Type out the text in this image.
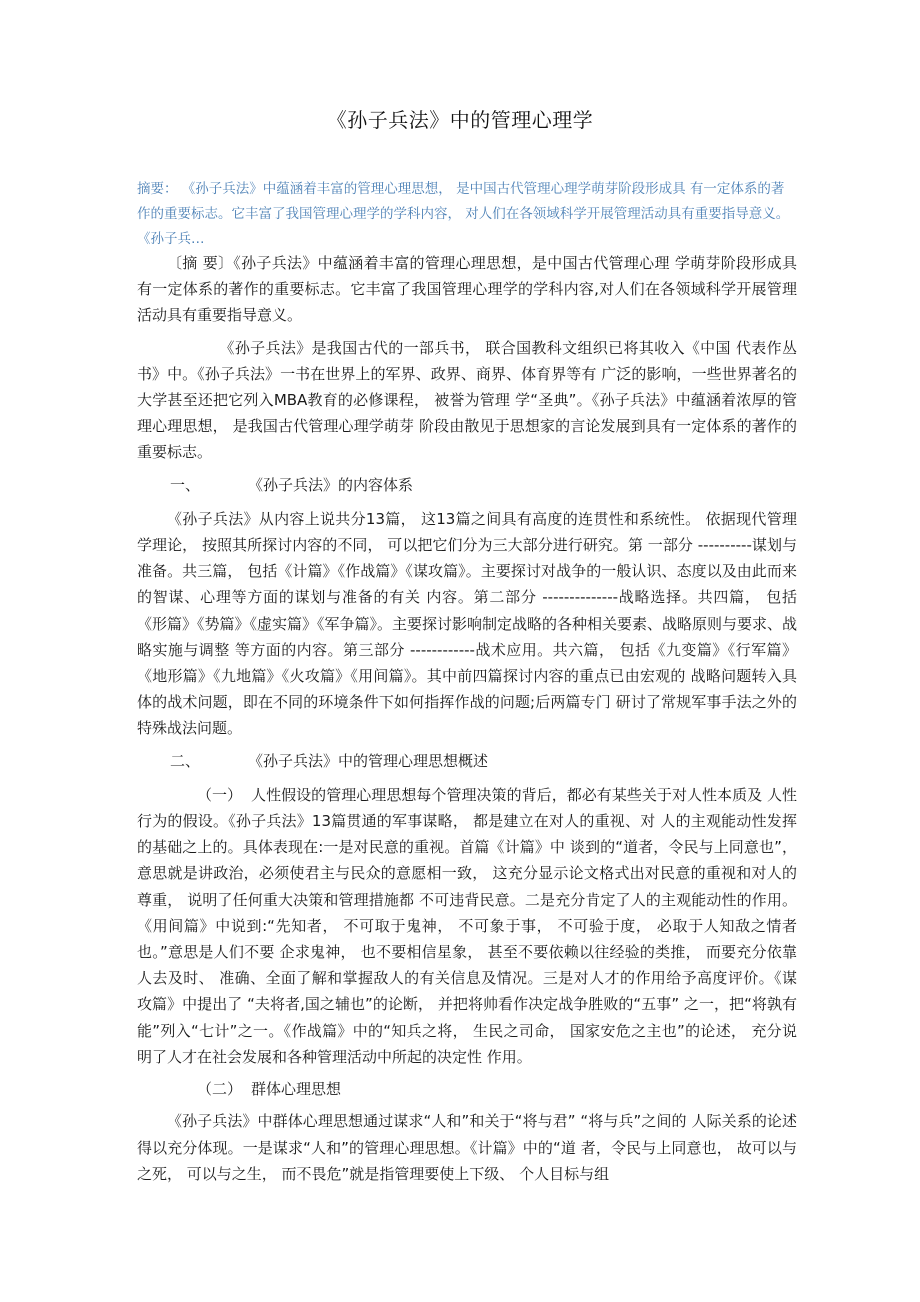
《孙子兵法》中的管理心理学
摘要： 《孙子兵法》中蕴涵着丰富的管理心理思想， 是中国古代管理心理学萌芽阶段形成具 有一定体系的著作的重要标志。它丰富了我国管理心理学的学科内容， 对人们在各领域科学开展管理活动具有重要指导意义。 《孙子兵…

〔摘 要〕《孙子兵法》中蕴涵着丰富的管理心理思想，是中国古代管理心理 学萌芽阶段形成具有一定体系的著作的重要标志。它丰富了我国管理心理学的学科内容,对人们在各领域科学开展管理活动具有重要指导意义。

《孙子兵法》是我国古代的一部兵书， 联合国教科文组织已将其收入《中国 代表作丛书》中。《孙子兵法》一书在世界上的军界、政界、商界、体育界等有 广泛的影响，一些世界著名的大学甚至还把它列入MBA教育的必修课程， 被誉为管理 学“圣典”。《孙子兵法》中蕴涵着浓厚的管理心理思想， 是我国古代管理心理学萌芽 阶段由散见于思想家的言论发展到具有一定体系的著作的重要标志。

一、	《孙子兵法》的内容体系

《孙子兵法》从内容上说共分13篇， 这13篇之间具有高度的连贯性和系统性。 依据现代管理学理论， 按照其所探讨内容的不同， 可以把它们分为三大部分进行研究。第 一部分 ----------谋划与准备。共三篇， 包括《计篇》《作战篇》《谋攻篇》。主要探讨对战争的一般认识、态度以及由此而来的智谋、心理等方面的谋划与准备的有关 内容。第二部分 --------------战略选择。共四篇， 包括《形篇》《势篇》《虚实篇》《军争篇》。主要探讨影响制定战略的各种相关要素、战略原则与要求、战略实施与调整 等方面的内容。第三部分 ------------战术应用。共六篇， 包括《九变篇》《行军篇》《地形篇》《九地篇》《火攻篇》《用间篇》。其中前四篇探讨内容的重点已由宏观的 战略问题转入具体的战术问题，即在不同的环境条件下如何指挥作战的问题;后两篇专门 研讨了常规军事手法之外的特殊战法问题。

二、	《孙子兵法》中的管理心理思想概述

（一） 人性假设的管理心理思想每个管理决策的背后，都必有某些关于对人性本质及 人性行为的假设。《孙子兵法》13篇贯通的军事谋略， 都是建立在对人的重视、对 人的主观能动性发挥的基础之上的。具体表现在:一是对民意的重视。首篇《计篇》中 谈到的“道者，令民与上同意也”，意思就是讲政治，必须使君主与民众的意愿相一致， 这充分显示论文格式出对民意的重视和对人的尊重， 说明了任何重大决策和管理措施都 不可违背民意。二是充分肯定了人的主观能动性的作用。《用间篇》中说到:“先知者， 不可取于鬼神， 不可象于事， 不可验于度， 必取于人知敌之情者也。”意思是人们不要 企求鬼神， 也不要相信星象， 甚至不要依赖以往经验的类推， 而要充分依靠人去及时、 准确、全面了解和掌握敌人的有关信息及情况。三是对人才的作用给予高度评价。《谋 攻篇》中提出了 “夫将者,国之辅也”的论断， 并把将帅看作决定战争胜败的“五事” 之一，把“将孰有能”列入“七计”之一。《作战篇》中的“知兵之将， 生民之司命， 国家安危之主也”的论述， 充分说明了人才在社会发展和各种管理活动中所起的决定性 作用。

（二） 群体心理思想

《孙子兵法》中群体心理思想通过谋求“人和”和关于“将与君” “将与兵”之间的 人际关系的论述得以充分体现。一是谋求“人和”的管理心理思想。《计篇》中的“道 者，令民与上同意也， 故可以与之死， 可以与之生， 而不畏危”就是指管理要使上下级、 个人目标与组
